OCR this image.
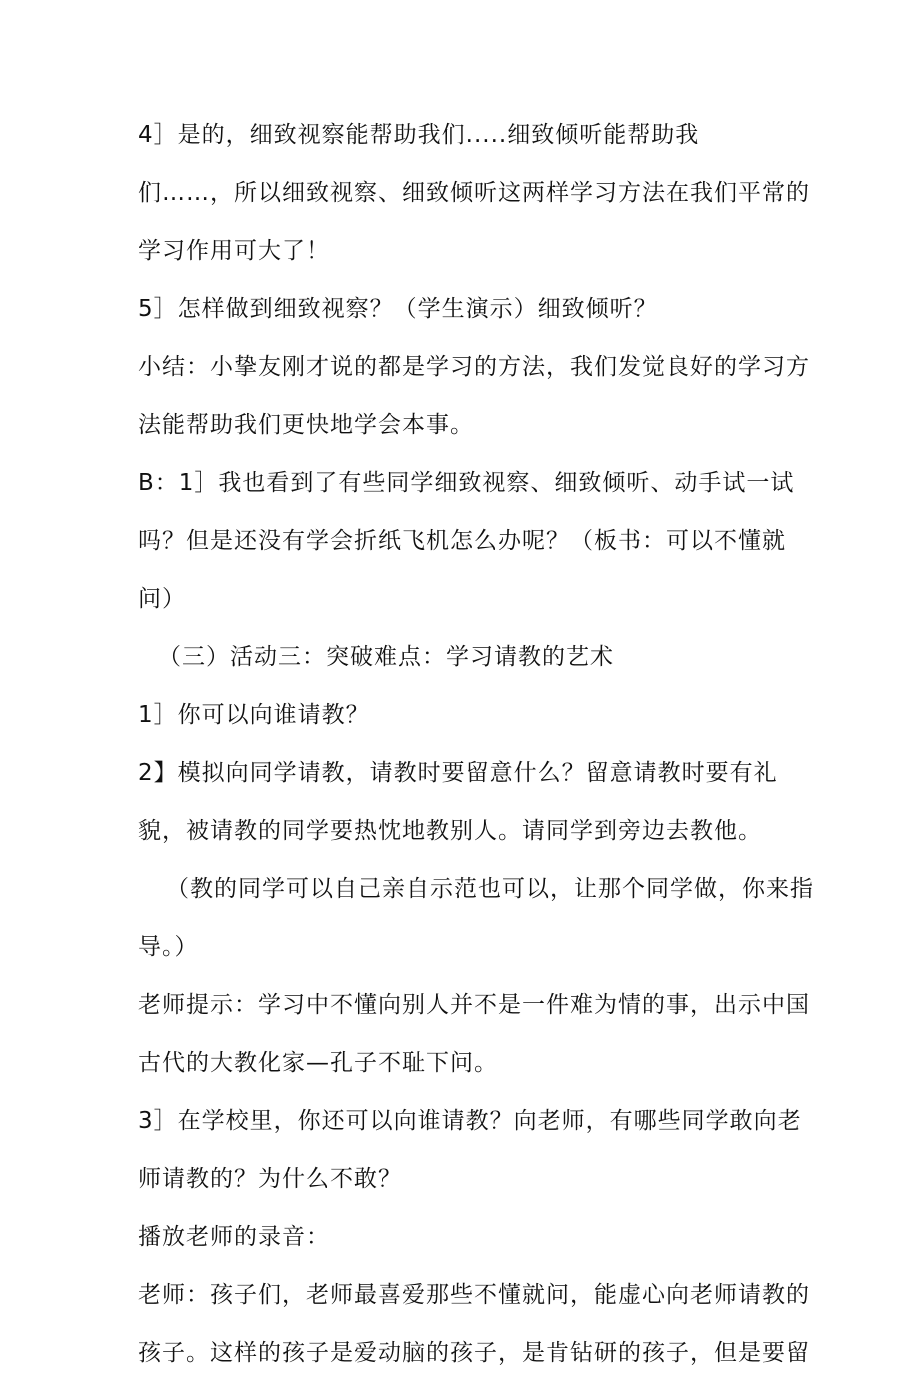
4］是的，细致视察能帮助我们.....细致倾听能帮助我
们……，所以细致视察、细致倾听这两样学习方法在我们平常的
学习作用可大了！
5］怎样做到细致视察？（学生演示）细致倾听？
小结：小挚友刚才说的都是学习的方法，我们发觉良好的学习方
法能帮助我们更快地学会本事。
B：1］我也看到了有些同学细致视察、细致倾听、动手试一试
吗？但是还没有学会折纸飞机怎么办呢？（板书：可以不懂就
问）
（三）活动三：突破难点：学习请教的艺术
1］你可以向谁请教？
2】模拟向同学请教，请教时要留意什么？留意请教时要有礼
貌，被请教的同学要热忱地教别人。请同学到旁边去教他。
（教的同学可以自己亲自示范也可以，让那个同学做，你来指
导。）
老师提示：学习中不懂向别人并不是一件难为情的事，出示中国
古代的大教化家—孔子不耻下问。
3］在学校里，你还可以向谁请教？向老师，有哪些同学敢向老
师请教的？为什么不敢？
播放老师的录音：
老师：孩子们，老师最喜爱那些不懂就问，能虚心向老师请教的
孩子。这样的孩子是爱动脑的孩子，是肯钻研的孩子，但是要留
